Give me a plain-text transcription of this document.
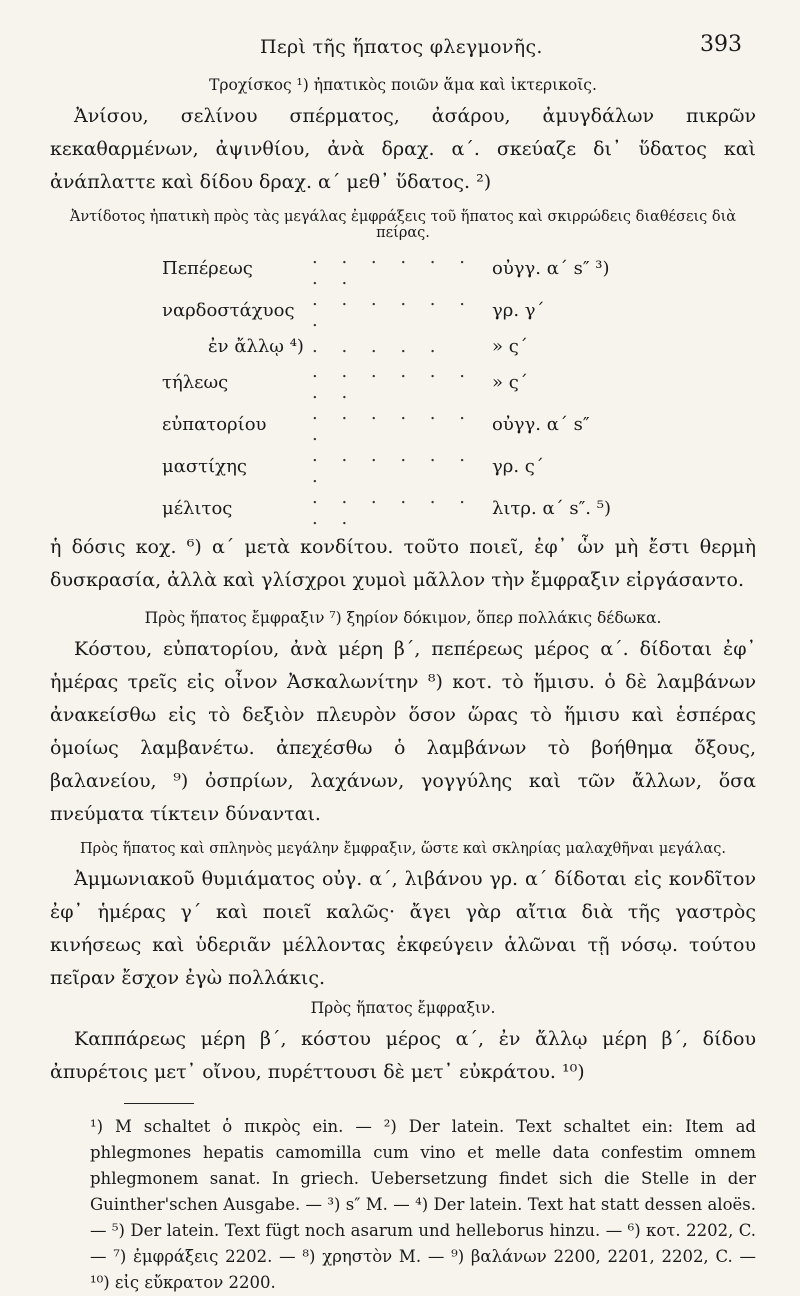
Περὶ τῆς ἥπατος φλεγμονῆς.	393
Τροχίσκος ¹) ἠπατικὸς ποιῶν ἅμα καὶ ἰκτερικοῖς.

Ἀνίσου, σελίνου σπέρματος, ἀσάρου, ἀμυγδάλων πικρῶν κεκαθαρμένων, ἀψινθίου, ἀνὰ δραχ. α΄. σκεύαζε δι᾽ ὕδατος καὶ ἀνάπλαττε καὶ δίδου δραχ. α΄ μεθ᾽ ὕδατος. ²)

Ἀντίδοτος ἠπατικὴ πρὸς τὰς μεγάλας ἐμφράξεις τοῦ ἥπατος καὶ σκιρρώδεις διαθέσεις διὰ πείρας.
Πεπέρεως	. . . . . . . .	οὐγγ. α΄ s″ ³)
ναρδοστάχυος	. . . . . . .	γρ. γ΄
ἐν ἄλλῳ ⁴)	. . . . .	» ς΄
τήλεως	. . . . . . . .	» ς΄
εὐπατορίου	. . . . . . .	οὐγγ. α΄ s″
μαστίχης	. . . . . . .	γρ. ς΄
μέλιτος	. . . . . . . .	λιτρ. α΄ s″. ⁵)

ἡ δόσις κοχ. ⁶) α΄ μετὰ κονδίτου. τοῦτο ποιεῖ, ἐφ᾽ ὧν μὴ ἔστι θερμὴ δυσκρασία, ἀλλὰ καὶ γλίσχροι χυμοὶ μᾶλλον τὴν ἔμφραξιν εἰργάσαντο.

Πρὸς ἥπατος ἔμφραξιν ⁷) ξηρίον δόκιμον, ὅπερ πολλάκις δέδωκα.

Κόστου, εὐπατορίου, ἀνὰ μέρη β΄, πεπέρεως μέρος α΄. δίδοται ἐφ᾽ ἡμέρας τρεῖς εἰς οἶνον Ἀσκαλωνίτην ⁸) κοτ. τὸ ἥμισυ. ὁ δὲ λαμβάνων ἀνακείσθω εἰς τὸ δεξιὸν πλευρὸν ὅσον ὥρας τὸ ἥμισυ καὶ ἑσπέρας ὁμοίως λαμβανέτω. ἀπεχέσθω ὁ λαμβάνων τὸ βοήθημα ὄξους, βαλανείου, ⁹) ὀσπρίων, λαχάνων, γογγύλης καὶ τῶν ἄλλων, ὅσα πνεύματα τίκτειν δύνανται.

Πρὸς ἥπατος καὶ σπληνὸς μεγάλην ἔμφραξιν, ὥστε καὶ σκληρίας μαλαχθῆναι μεγάλας.

Ἀμμωνιακοῦ θυμιάματος οὐγ. α΄, λιβάνου γρ. α΄ δίδοται εἰς κονδῖτον ἐφ᾽ ἡμέρας γ΄ καὶ ποιεῖ καλῶς· ἄγει γὰρ αἴτια διὰ τῆς γαστρὸς κινήσεως καὶ ὑδεριᾶν μέλλοντας ἐκφεύγειν ἁλῶναι τῇ νόσῳ. τούτου πεῖραν ἔσχον ἐγὼ πολλάκις.

Πρὸς ἥπατος ἔμφραξιν.

Καππάρεως μέρη β΄, κόστου μέρος α΄, ἐν ἄλλῳ μέρη β΄, δίδου ἀπυρέτοις μετ᾽ οἴνου, πυρέττουσι δὲ μετ᾽ εὐκράτου. ¹⁰)

¹) M schaltet ὁ πικρὸς ein. — ²) Der latein. Text schaltet ein: Item ad phlegmones hepatis camomilla cum vino et melle data confestim omnem phlegmonem sanat. In griech. Uebersetzung findet sich die Stelle in der Guinther'schen Ausgabe. — ³) s″ M. — ⁴) Der latein. Text hat statt dessen aloës. — ⁵) Der latein. Text fügt noch asarum und helleborus hinzu. — ⁶) κοτ. 2202, C. — ⁷) ἐμφράξεις 2202. — ⁸) χρηστὸν M. — ⁹) βαλάνων 2200, 2201, 2202, C. — ¹⁰) εἰς εὔκρατον 2200.
